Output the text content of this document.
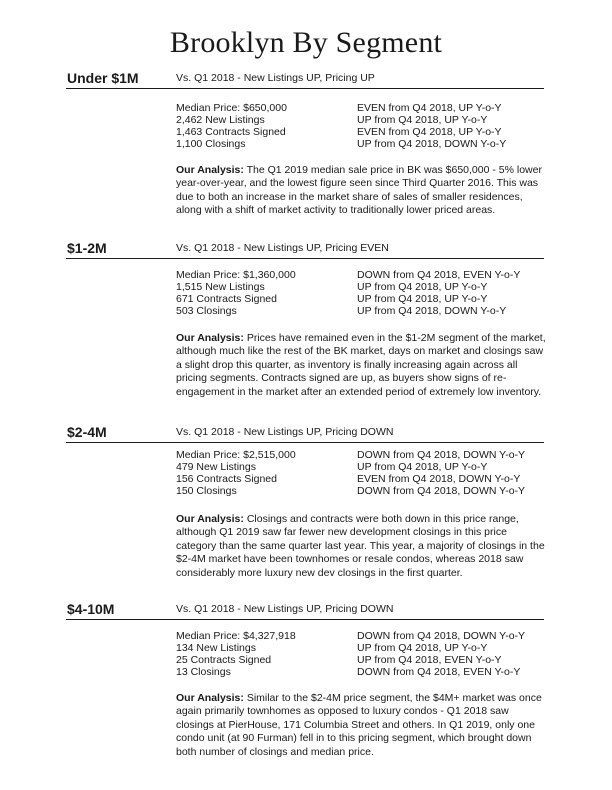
Brooklyn By Segment
Under $1M	Vs. Q1 2018 - New Listings UP, Pricing UP
Median Price: $650,000	EVEN from Q4 2018, UP Y-o-Y
2,462 New Listings	UP from Q4 2018, UP Y-o-Y
1,463 Contracts Signed	EVEN from Q4 2018, UP Y-o-Y
1,100 Closings	UP from Q4 2018, DOWN Y-o-Y

Our Analysis: The Q1 2019 median sale price in BK was $650,000 - 5% lower year-over-year, and the lowest figure seen since Third Quarter 2016. This was due to both an increase in the market share of sales of smaller residences, along with a shift of market activity to traditionally lower priced areas.

$1-2M	Vs. Q1 2018 - New Listings UP, Pricing EVEN
Median Price: $1,360,000	DOWN from Q4 2018, EVEN Y-o-Y
1,515 New Listings	UP from Q4 2018, UP Y-o-Y
671 Contracts Signed	UP from Q4 2018, UP Y-o-Y
503 Closings	UP from Q4 2018, DOWN Y-o-Y

Our Analysis: Prices have remained even in the $1-2M segment of the market, although much like the rest of the BK market, days on market and closings saw a slight drop this quarter, as inventory is finally increasing again across all pricing segments. Contracts signed are up, as buyers show signs of re-engagement in the market after an extended period of extremely low inventory.

$2-4M	Vs. Q1 2018 - New Listings UP, Pricing DOWN
Median Price: $2,515,000	DOWN from Q4 2018, DOWN Y-o-Y
479 New Listings	UP from Q4 2018, UP Y-o-Y
156 Contracts Signed	EVEN from Q4 2018, DOWN Y-o-Y
150 Closings	DOWN from Q4 2018, DOWN Y-o-Y

Our Analysis: Closings and contracts were both down in this price range, although Q1 2019 saw far fewer new development closings in this price category than the same quarter last year. This year, a majority of closings in the $2-4M market have been townhomes or resale condos, whereas 2018 saw considerably more luxury new dev closings in the first quarter.

$4-10M	Vs. Q1 2018 - New Listings UP, Pricing DOWN
Median Price: $4,327,918	DOWN from Q4 2018, DOWN Y-o-Y
134 New Listings	UP from Q4 2018, UP Y-o-Y
25 Contracts Signed	UP from Q4 2018, EVEN Y-o-Y
13 Closings	DOWN from Q4 2018, EVEN Y-o-Y

Our Analysis: Similar to the $2-4M price segment, the $4M+ market was once again primarily townhomes as opposed to luxury condos - Q1 2018 saw closings at PierHouse, 171 Columbia Street and others. In Q1 2019, only one condo unit (at 90 Furman) fell in to this pricing segment, which brought down both number of closings and median price.
